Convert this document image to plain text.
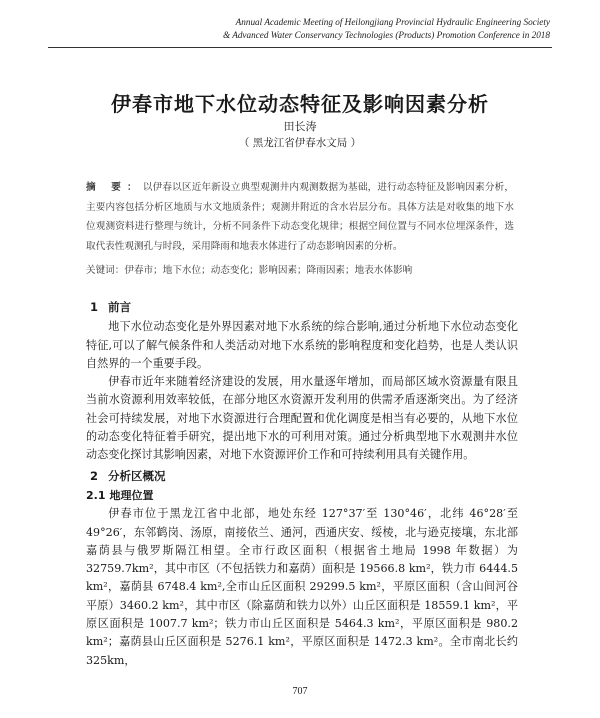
Annual Academic Meeting of Heilongjiang Provincial Hydraulic Engineering Society
& Advanced Water Conservancy Technologies (Products) Promotion Conference in 2018
伊春市地下水位动态特征及影响因素分析
田长涛
（ 黑龙江省伊春水文局 ）
摘 要：以伊春以区近年新设立典型观测井内观测数据为基础，进行动态特征及影响因素分析，主要内容包括分析区地质与水文地质条件；观测井附近的含水岩层分布。具体方法是对收集的地下水位观测资料进行整理与统计，分析不同条件下动态变化规律；根据空间位置与不同水位埋深条件，选取代表性观测孔与时段，采用降雨和地表水体进行了动态影响因素的分析。
关键词：伊春市；地下水位；动态变化；影响因素；降雨因素；地表水体影响
1 前言

地下水位动态变化是外界因素对地下水系统的综合影响,通过分析地下水位动态变化特征,可以了解气候条件和人类活动对地下水系统的影响程度和变化趋势，也是人类认识自然界的一个重要手段。

伊春市近年来随着经济建设的发展，用水量逐年增加，而局部区域水资源量有限且当前水资源利用效率较低，在部分地区水资源开发利用的供需矛盾逐渐突出。为了经济社会可持续发展，对地下水资源进行合理配置和优化调度是相当有必要的，从地下水位的动态变化特征着手研究，提出地下水的可利用对策。通过分析典型地下水观测井水位动态变化探讨其影响因素，对地下水资源评价工作和可持续利用具有关键作用。

2 分析区概况
2.1 地理位置

伊春市位于黑龙江省中北部，地处东经 127°37′至 130°46′，北纬 46°28′至 49°26′，东邻鹤岗、汤原，南接依兰、通河，西通庆安、绥棱，北与逊克接壤，东北部嘉荫县与俄罗斯隔江相望。全市行政区面积（根据省土地局 1998 年数据）为 32759.7km²，其中市区（不包括铁力和嘉荫）面积是 19566.8 km²，铁力市 6444.5 km²，嘉荫县 6748.4 km²,全市山丘区面积 29299.5 km²，平原区面积（含山间河谷平原）3460.2 km²，其中市区（除嘉荫和铁力以外）山丘区面积是 18559.1 km²，平原区面积是 1007.7 km²；铁力市山丘区面积是 5464.3 km²，平原区面积是 980.2 km²；嘉荫县山丘区面积是 5276.1 km²，平原区面积是 1472.3 km²。全市南北长约 325km，

707
